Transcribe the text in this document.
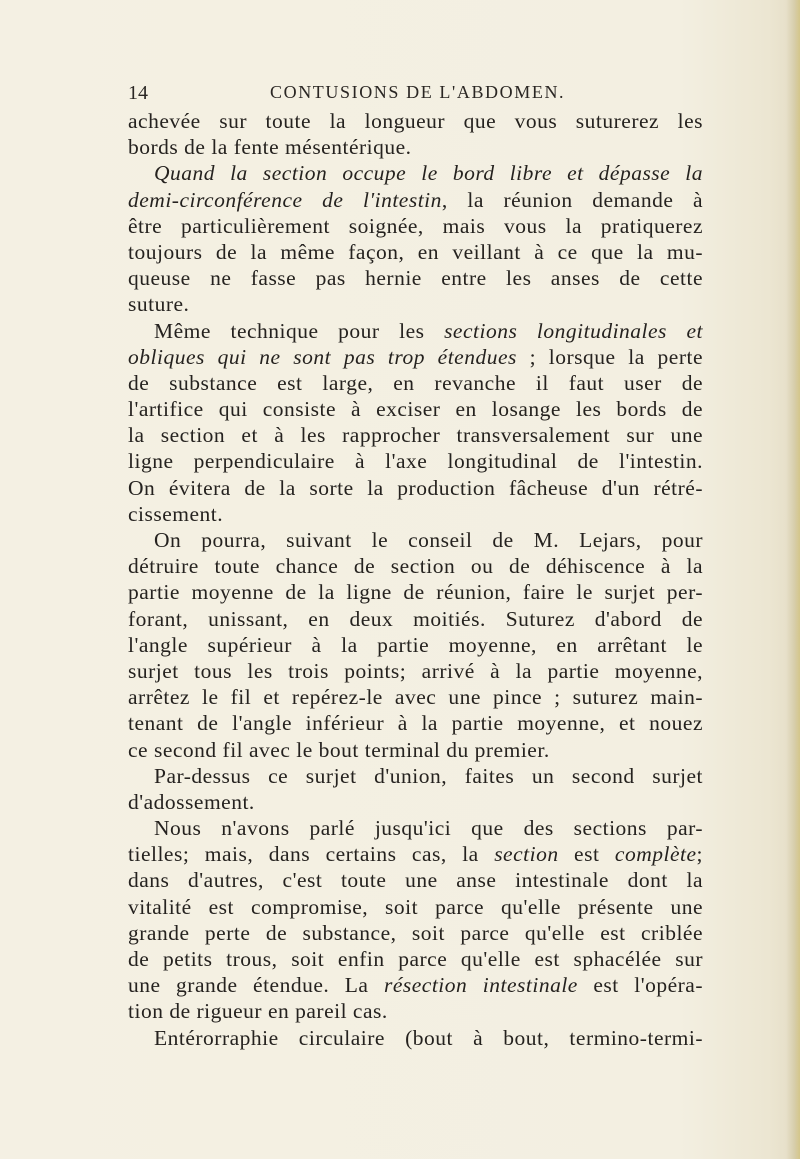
14	CONTUSIONS DE L'ABDOMEN.
achevée sur toute la longueur que vous suturerez les
bords de la fente mésentérique.
Quand la section occupe le bord libre et dépasse la
demi-circonférence de l'intestin, la réunion demande à
être particulièrement soignée, mais vous la pratiquerez
toujours de la même façon, en veillant à ce que la mu-
queuse ne fasse pas hernie entre les anses de cette
suture.
Même technique pour les sections longitudinales et
obliques qui ne sont pas trop étendues ; lorsque la perte
de substance est large, en revanche il faut user de
l'artifice qui consiste à exciser en losange les bords de
la section et à les rapprocher transversalement sur une
ligne perpendiculaire à l'axe longitudinal de l'intestin.
On évitera de la sorte la production fâcheuse d'un rétré-
cissement.
On pourra, suivant le conseil de M. Lejars, pour
détruire toute chance de section ou de déhiscence à la
partie moyenne de la ligne de réunion, faire le surjet per-
forant, unissant, en deux moitiés. Suturez d'abord de
l'angle supérieur à la partie moyenne, en arrêtant le
surjet tous les trois points; arrivé à la partie moyenne,
arrêtez le fil et repérez-le avec une pince ; suturez main-
tenant de l'angle inférieur à la partie moyenne, et nouez
ce second fil avec le bout terminal du premier.
Par-dessus ce surjet d'union, faites un second surjet
d'adossement.
Nous n'avons parlé jusqu'ici que des sections par-
tielles; mais, dans certains cas, la section est complète;
dans d'autres, c'est toute une anse intestinale dont la
vitalité est compromise, soit parce qu'elle présente une
grande perte de substance, soit parce qu'elle est criblée
de petits trous, soit enfin parce qu'elle est sphacélée sur
une grande étendue. La résection intestinale est l'opéra-
tion de rigueur en pareil cas.
Entérorraphie circulaire (bout à bout, termino-termi-
